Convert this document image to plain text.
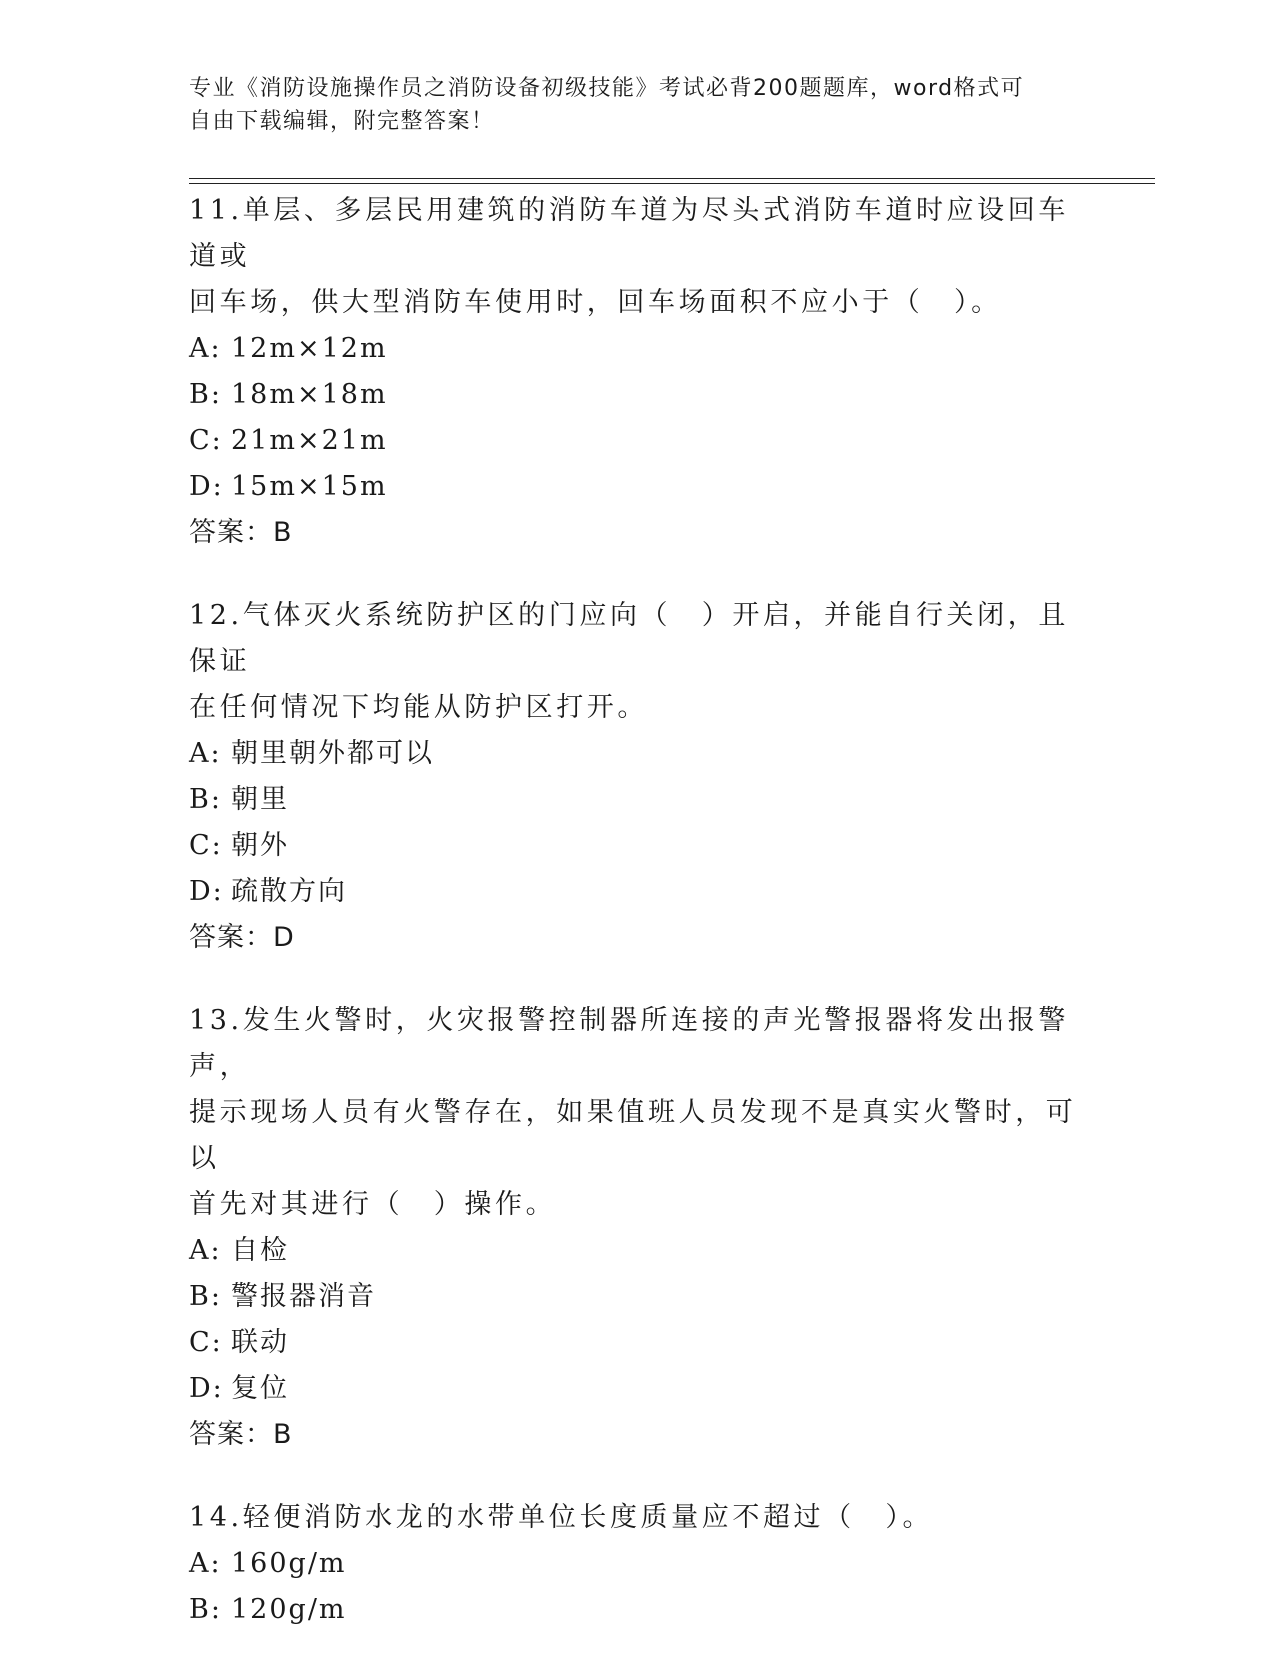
专业《消防设施操作员之消防设备初级技能》考试必背200题题库，word格式可
自由下载编辑，附完整答案！
11.单层、多层民用建筑的消防车道为尽头式消防车道时应设回车道或
回车场，供大型消防车使用时，回车场面积不应小于（　）。
A: 12m×12m
B: 18m×18m
C: 21m×21m
D: 15m×15m
答案：B
12.气体灭火系统防护区的门应向（　）开启，并能自行关闭，且保证
在任何情况下均能从防护区打开。
A: 朝里朝外都可以
B: 朝里
C: 朝外
D: 疏散方向
答案：D
13.发生火警时，火灾报警控制器所连接的声光警报器将发出报警声，
提示现场人员有火警存在，如果值班人员发现不是真实火警时，可以
首先对其进行（　）操作。
A: 自检
B: 警报器消音
C: 联动
D: 复位
答案：B
14.轻便消防水龙的水带单位长度质量应不超过（　）。
A: 160g/m
B: 120g/m
